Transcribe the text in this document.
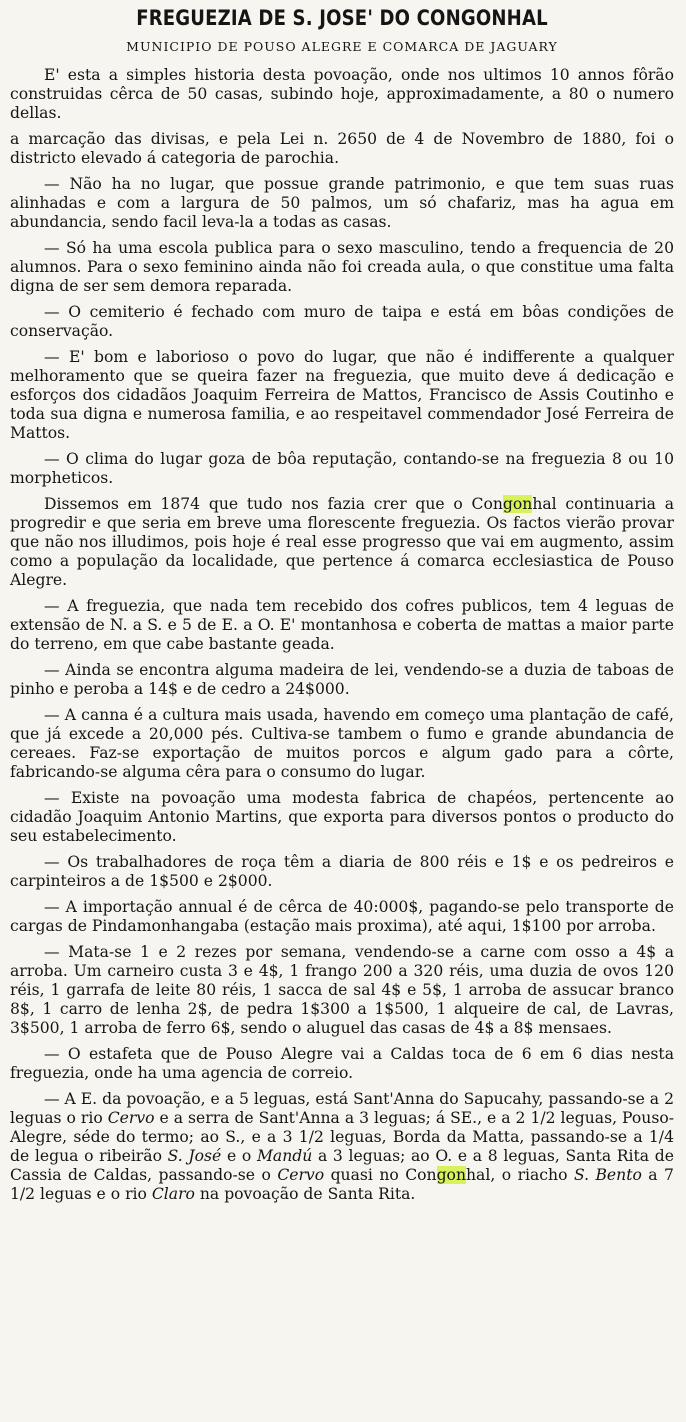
FREGUEZIA DE S. JOSE' DO CONGONHAL
MUNICIPIO DE POUSO ALEGRE E COMARCA DE JAGUARY

E' esta a simples historia desta povoação, onde nos ultimos 10 annos fôrão construidas cêrca de 50 casas, subindo hoje, approximadamente, a 80 o numero dellas.

a marcação das divisas, e pela Lei n. 2650 de 4 de Novembro de 1880, foi o districto elevado á categoria de parochia.

— Não ha no lugar, que possue grande patrimonio, e que tem suas ruas alinhadas e com a largura de 50 palmos, um só chafariz, mas ha agua em abundancia, sendo facil leva-la a todas as casas.

— Só ha uma escola publica para o sexo masculino, tendo a frequencia de 20 alumnos. Para o sexo feminino ainda não foi creada aula, o que constitue uma falta digna de ser sem demora reparada.

— O cemiterio é fechado com muro de taipa e está em bôas condições de conservação.

— E' bom e laborioso o povo do lugar, que não é indifferente a qualquer melhoramento que se queira fazer na freguezia, que muito deve á dedicação e esforços dos cidadãos Joaquim Ferreira de Mattos, Francisco de Assis Coutinho e toda sua digna e numerosa familia, e ao respeitavel commendador José Ferreira de Mattos.

— O clima do lugar goza de bôa reputação, contando-se na freguezia 8 ou 10 morpheticos.

Dissemos em 1874 que tudo nos fazia crer que o Congonhal continuaria a progredir e que seria em breve uma florescente freguezia. Os factos vierão provar que não nos illudimos, pois hoje é real esse progresso que vai em augmento, assim como a população da localidade, que pertence á comarca ecclesiastica de Pouso Alegre.

— A freguezia, que nada tem recebido dos cofres publicos, tem 4 leguas de extensão de N. a S. e 5 de E. a O. E' montanhosa e coberta de mattas a maior parte do terreno, em que cabe bastante geada.

— Ainda se encontra alguma madeira de lei, vendendo-se a duzia de taboas de pinho e peroba a 14$ e de cedro a 24$000.

— A canna é a cultura mais usada, havendo em começo uma plantação de café, que já excede a 20,000 pés. Cultiva-se tambem o fumo e grande abundancia de cereaes. Faz-se exportação de muitos porcos e algum gado para a côrte, fabricando-se alguma cêra para o consumo do lugar.

— Existe na povoação uma modesta fabrica de chapéos, pertencente ao cidadão Joaquim Antonio Martins, que exporta para diversos pontos o producto do seu estabelecimento.

— Os trabalhadores de roça têm a diaria de 800 réis e 1$ e os pedreiros e carpinteiros a de 1$500 e 2$000.

— A importação annual é de cêrca de 40:000$, pagando-se pelo transporte de cargas de Pindamonhangaba (estação mais proxima), até aqui, 1$100 por arroba.

— Mata-se 1 e 2 rezes por semana, vendendo-se a carne com osso a 4$ a arroba. Um carneiro custa 3 e 4$, 1 frango 200 a 320 réis, uma duzia de ovos 120 réis, 1 garrafa de leite 80 réis, 1 sacca de sal 4$ e 5$, 1 arroba de assucar branco 8$, 1 carro de lenha 2$, de pedra 1$300 a 1$500, 1 alqueire de cal, de Lavras, 3$500, 1 arroba de ferro 6$, sendo o aluguel das casas de 4$ a 8$ mensaes.

— O estafeta que de Pouso Alegre vai a Caldas toca de 6 em 6 dias nesta freguezia, onde ha uma agencia de correio.

— A E. da povoação, e a 5 leguas, está Sant'Anna do Sapucahy, passando-se a 2 leguas o rio Cervo e a serra de Sant'Anna a 3 leguas; á SE., e a 2 1/2 leguas, Pouso-Alegre, séde do termo; ao S., e a 3 1/2 leguas, Borda da Matta, passando-se a 1/4 de legua o ribeirão S. José e o Mandú a 3 leguas; ao O. e a 8 leguas, Santa Rita de Cassia de Caldas, passando-se o Cervo quasi no Congonhal, o riacho S. Bento a 7 1/2 leguas e o rio Claro na povoação de Santa Rita.
